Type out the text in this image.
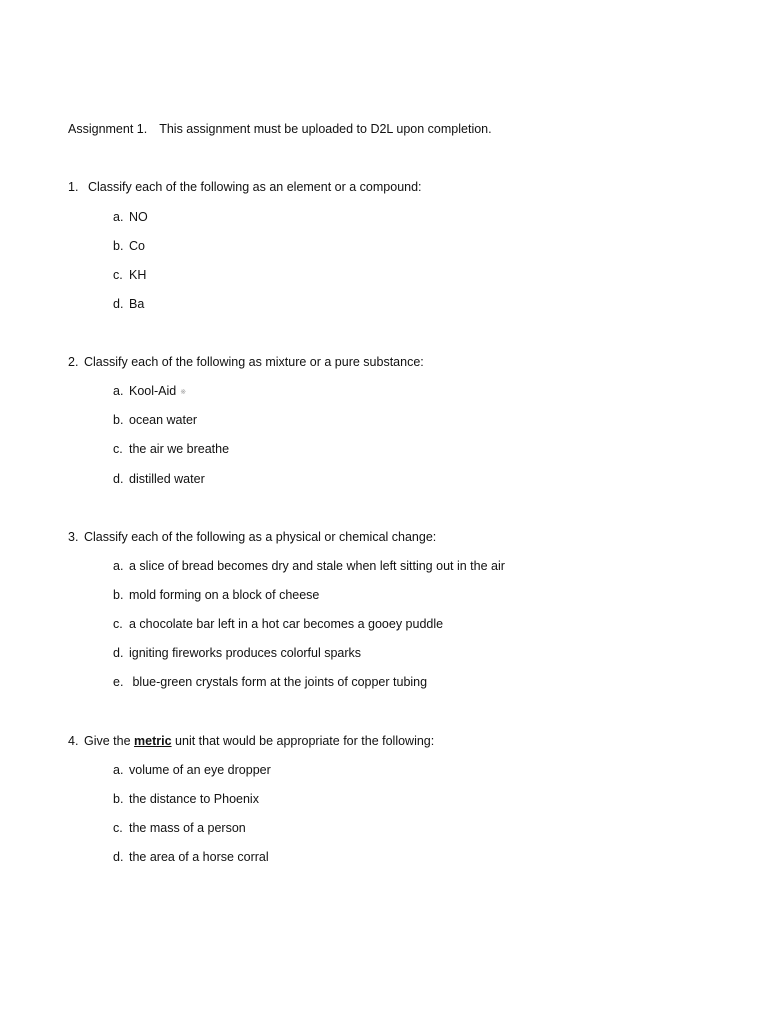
Assignment 1. This assignment must be uploaded to D2L upon completion.
1. Classify each of the following as an element or a compound:
a. NO
b. Co
c. KH
d. Ba
2. Classify each of the following as mixture or a pure substance:
a. Kool-Aid ※
b. ocean water
c. the air we breathe
d. distilled water
3. Classify each of the following as a physical or chemical change:
a. a slice of bread becomes dry and stale when left sitting out in the air
b. mold forming on a block of cheese
c. a chocolate bar left in a hot car becomes a gooey puddle
d. igniting fireworks produces colorful sparks
e. blue-green crystals form at the joints of copper tubing
4. Give the metric unit that would be appropriate for the following:
a. volume of an eye dropper
b. the distance to Phoenix
c. the mass of a person
d. the area of a horse corral
